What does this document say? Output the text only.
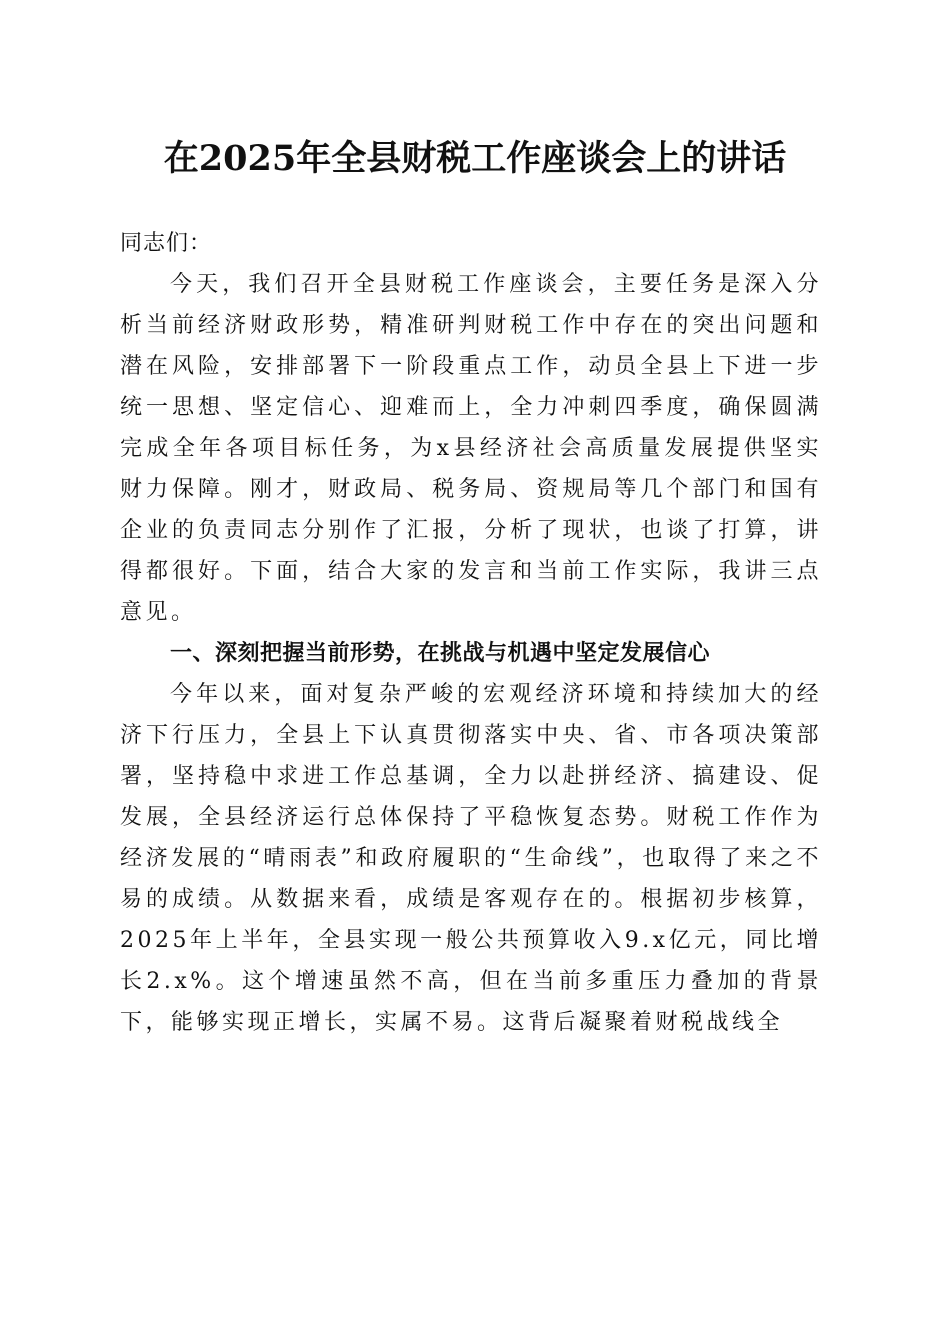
在2025年全县财税工作座谈会上的讲话

同志们：

今天，我们召开全县财税工作座谈会，主要任务是深入分析当前经济财政形势，精准研判财税工作中存在的突出问题和潜在风险，安排部署下一阶段重点工作，动员全县上下进一步统一思想、坚定信心、迎难而上，全力冲刺四季度，确保圆满完成全年各项目标任务，为x县经济社会高质量发展提供坚实财力保障。刚才，财政局、税务局、资规局等几个部门和国有企业的负责同志分别作了汇报，分析了现状，也谈了打算，讲得都很好。下面，结合大家的发言和当前工作实际，我讲三点意见。

一、深刻把握当前形势，在挑战与机遇中坚定发展信心

今年以来，面对复杂严峻的宏观经济环境和持续加大的经济下行压力，全县上下认真贯彻落实中央、省、市各项决策部署，坚持稳中求进工作总基调，全力以赴拼经济、搞建设、促发展，全县经济运行总体保持了平稳恢复态势。财税工作作为经济发展的“晴雨表”和政府履职的“生命线”，也取得了来之不易的成绩。从数据来看，成绩是客观存在的。根据初步核算，2025年上半年，全县实现一般公共预算收入9.x亿元，同比增长2.x%。这个增速虽然不高，但在当前多重压力叠加的背景下，能够实现正增长，实属不易。这背后凝聚着财税战线全
